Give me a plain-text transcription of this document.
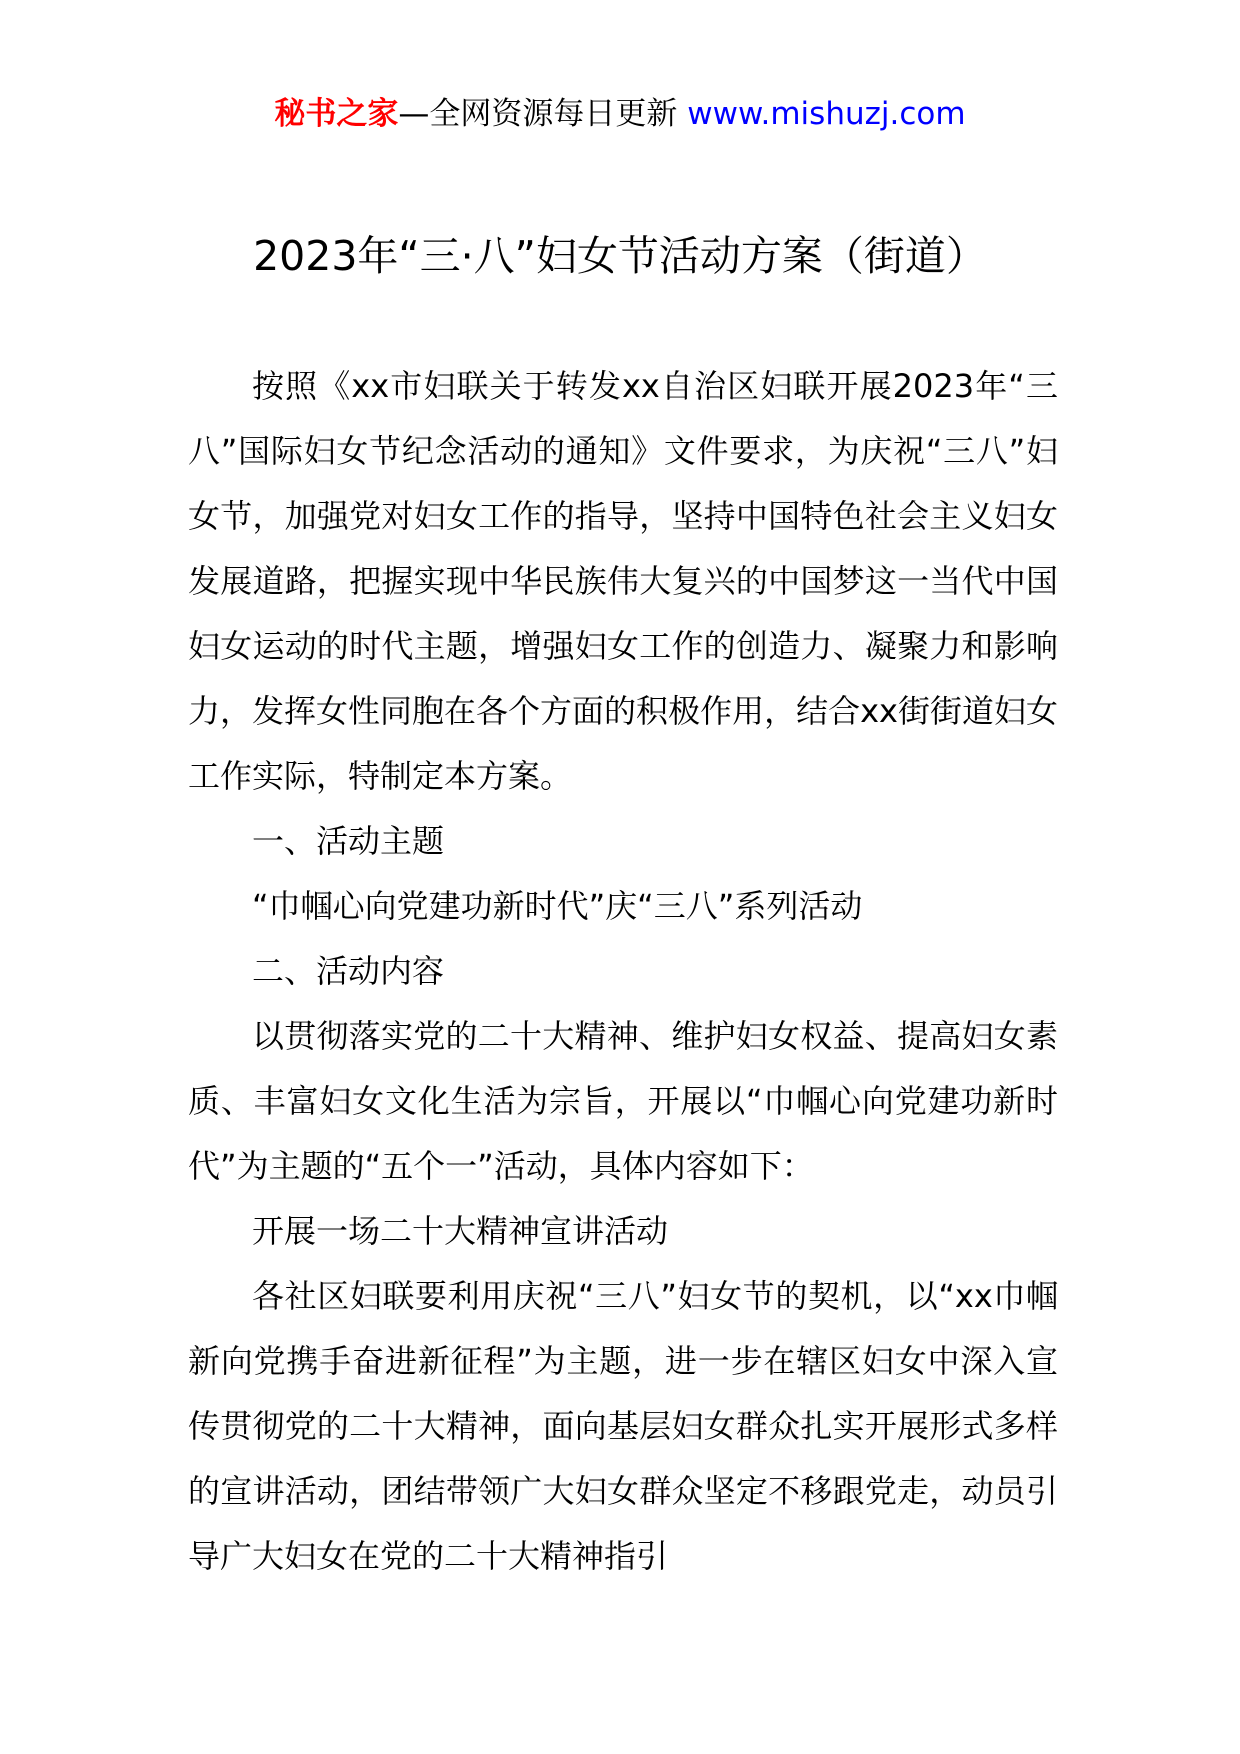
秘书之家—全网资源每日更新 www.mishuzj.com
2023年“三·八”妇女节活动方案（街道）

按照《xx市妇联关于转发xx自治区妇联开展2023年“三八”国际妇女节纪念活动的通知》文件要求，为庆祝“三八”妇女节，加强党对妇女工作的指导，坚持中国特色社会主义妇女发展道路，把握实现中华民族伟大复兴的中国梦这一当代中国妇女运动的时代主题，增强妇女工作的创造力、凝聚力和影响力，发挥女性同胞在各个方面的积极作用，结合xx街街道妇女工作实际，特制定本方案。

一、活动主题

“巾帼心向党建功新时代”庆“三八”系列活动

二、活动内容

以贯彻落实党的二十大精神、维护妇女权益、提高妇女素质、丰富妇女文化生活为宗旨，开展以“巾帼心向党建功新时代”为主题的“五个一”活动，具体内容如下：

开展一场二十大精神宣讲活动

各社区妇联要利用庆祝“三八”妇女节的契机，以“xx巾帼新向党携手奋进新征程”为主题，进一步在辖区妇女中深入宣传贯彻党的二十大精神，面向基层妇女群众扎实开展形式多样的宣讲活动，团结带领广大妇女群众坚定不移跟党走，动员引导广大妇女在党的二十大精神指引
